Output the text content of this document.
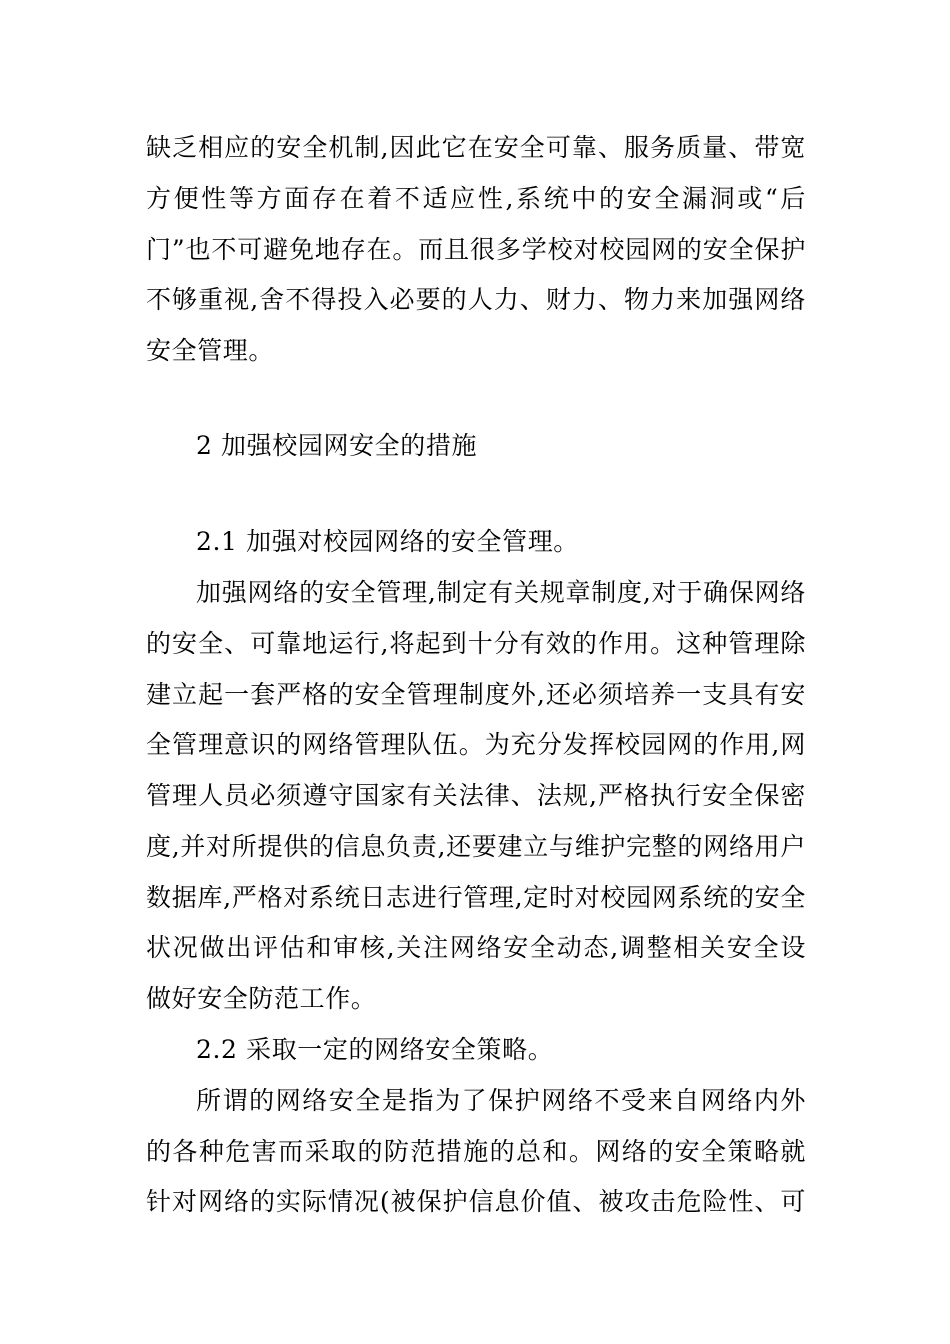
缺乏相应的安全机制,因此它在安全可靠、服务质量、带宽
方便性等方面存在着不适应性,系统中的安全漏洞或“后
门”也不可避免地存在。而且很多学校对校园网的安全保护
不够重视,舍不得投入必要的人力、财力、物力来加强网络
安全管理。
2 加强校园网安全的措施
2.1 加强对校园网络的安全管理。
加强网络的安全管理,制定有关规章制度,对于确保网络
的安全、可靠地运行,将起到十分有效的作用。这种管理除
建立起一套严格的安全管理制度外,还必须培养一支具有安
全管理意识的网络管理队伍。为充分发挥校园网的作用,网
管理人员必须遵守国家有关法律、法规,严格执行安全保密
度,并对所提供的信息负责,还要建立与维护完整的网络用户
数据库,严格对系统日志进行管理,定时对校园网系统的安全
状况做出评估和审核,关注网络安全动态,调整相关安全设
做好安全防范工作。
2.2 采取一定的网络安全策略。
所谓的网络安全是指为了保护网络不受来自网络内外
的各种危害而采取的防范措施的总和。网络的安全策略就
针对网络的实际情况(被保护信息价值、被攻击危险性、可
